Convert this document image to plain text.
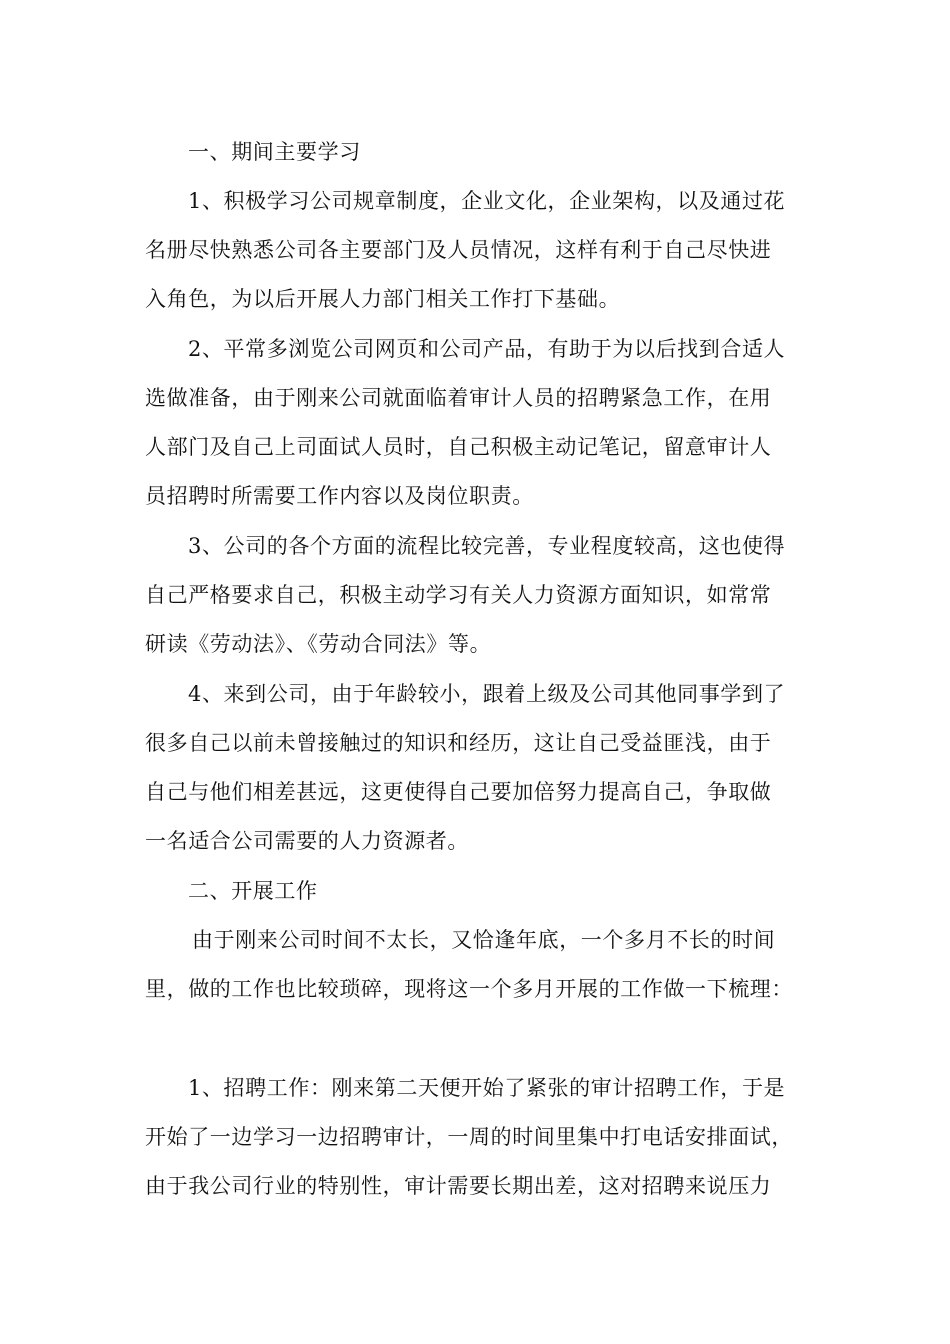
一、期间主要学习
1、积极学习公司规章制度，企业文化，企业架构，以及通过花
名册尽快熟悉公司各主要部门及人员情况，这样有利于自己尽快进
入角色，为以后开展人力部门相关工作打下基础。
2、平常多浏览公司网页和公司产品，有助于为以后找到合适人
选做准备，由于刚来公司就面临着审计人员的招聘紧急工作，在用
人部门及自己上司面试人员时，自己积极主动记笔记，留意审计人
员招聘时所需要工作内容以及岗位职责。
3、公司的各个方面的流程比较完善，专业程度较高，这也使得
自己严格要求自己，积极主动学习有关人力资源方面知识，如常常
研读《劳动法》、《劳动合同法》等。
4、来到公司，由于年龄较小，跟着上级及公司其他同事学到了
很多自己以前未曾接触过的知识和经历，这让自己受益匪浅，由于
自己与他们相差甚远，这更使得自己要加倍努力提高自己，争取做
一名适合公司需要的人力资源者。
二、开展工作
由于刚来公司时间不太长，又恰逢年底，一个多月不长的时间
里，做的工作也比较琐碎，现将这一个多月开展的工作做一下梳理：
1、招聘工作：刚来第二天便开始了紧张的审计招聘工作，于是
开始了一边学习一边招聘审计，一周的时间里集中打电话安排面试，
由于我公司行业的特别性，审计需要长期出差，这对招聘来说压力
